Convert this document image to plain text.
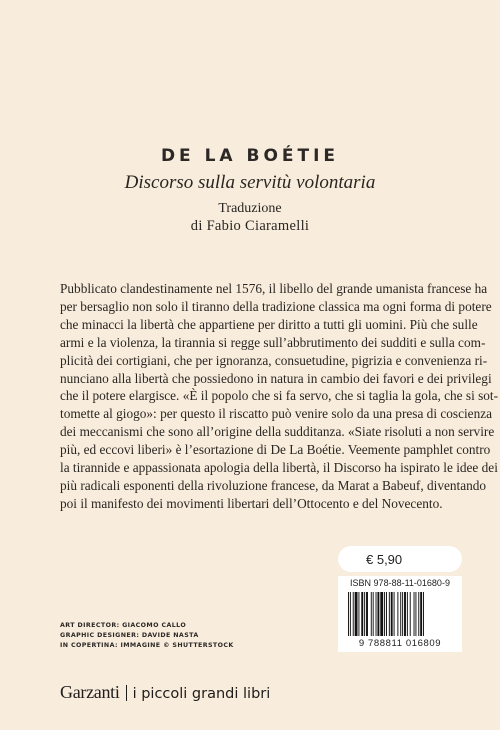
DE LA BOÉTIE
Discorso sulla servitù volontaria
Traduzione
di Fabio Ciaramelli

Pubblicato clandestinamente nel 1576, il libello del grande umanista francese ha
per bersaglio non solo il tiranno della tradizione classica ma ogni forma di potere
che minacci la libertà che appartiene per diritto a tutti gli uomini. Più che sulle
armi e la violenza, la tirannia si regge sull’abbrutimento dei sudditi e sulla com-
plicità dei cortigiani, che per ignoranza, consuetudine, pigrizia e convenienza ri-
nunciano alla libertà che possiedono in natura in cambio dei favori e dei privilegi
che il potere elargisce. «È il popolo che si fa servo, che si taglia la gola, che si sot-
tomette al giogo»: per questo il riscatto può venire solo da una presa di coscienza
dei meccanismi che sono all’origine della sudditanza. «Siate risoluti a non servire
più, ed eccovi liberi» è l’esortazione di De La Boétie. Veemente pamphlet contro
la tirannide e appassionata apologia della libertà, il Discorso ha ispirato le idee dei
più radicali esponenti della rivoluzione francese, da Marat a Babeuf, diventando
poi il manifesto dei movimenti libertari dell’Ottocento e del Novecento.

€ 5,90
ISBN 978-88-11-01680-9
9 788811 016809
ART DIRECTOR: GIACOMO CALLO
GRAPHIC DESIGNER: DAVIDE NASTA
IN COPERTINA: IMMAGINE © SHUTTERSTOCK
Garzanti i piccoli grandi libri
